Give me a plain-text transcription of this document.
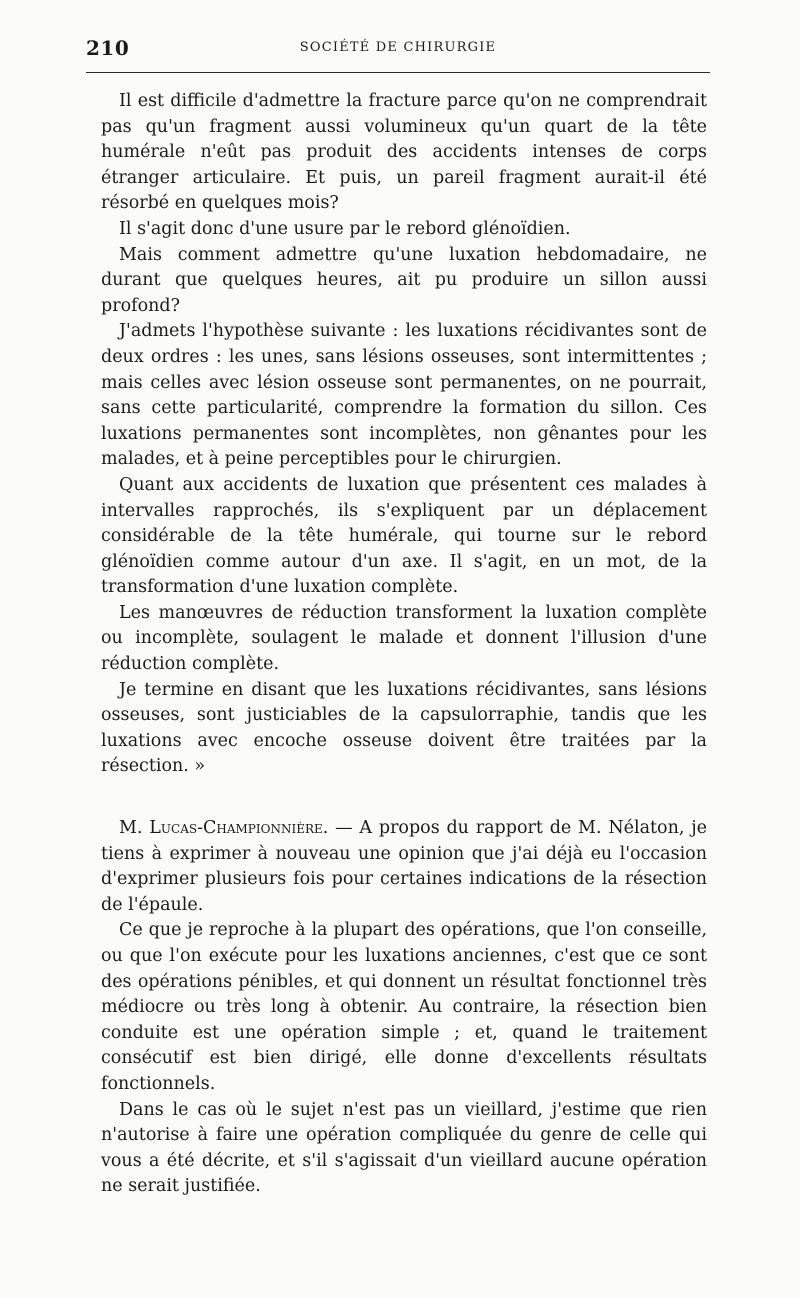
210	SOCIÉTÉ DE CHIRURGIE

Il est difficile d'admettre la fracture parce qu'on ne comprendrait pas qu'un fragment aussi volumineux qu'un quart de la tête humérale n'eût pas produit des accidents intenses de corps étranger articulaire. Et puis, un pareil fragment aurait-il été résorbé en quelques mois?

Il s'agit donc d'une usure par le rebord glénoïdien.

Mais comment admettre qu'une luxation hebdomadaire, ne durant que quelques heures, ait pu produire un sillon aussi profond?

J'admets l'hypothèse suivante : les luxations récidivantes sont de deux ordres : les unes, sans lésions osseuses, sont intermittentes ; mais celles avec lésion osseuse sont permanentes, on ne pourrait, sans cette particularité, comprendre la formation du sillon. Ces luxations permanentes sont incomplètes, non gênantes pour les malades, et à peine perceptibles pour le chirurgien.

Quant aux accidents de luxation que présentent ces malades à intervalles rapprochés, ils s'expliquent par un déplacement considérable de la tête humérale, qui tourne sur le rebord glénoïdien comme autour d'un axe. Il s'agit, en un mot, de la transformation d'une luxation complète.

Les manœuvres de réduction transforment la luxation complète ou incomplète, soulagent le malade et donnent l'illusion d'une réduction complète.

Je termine en disant que les luxations récidivantes, sans lésions osseuses, sont justiciables de la capsulorraphie, tandis que les luxations avec encoche osseuse doivent être traitées par la résection. »

M. Lucas-Championnière. — A propos du rapport de M. Nélaton, je tiens à exprimer à nouveau une opinion que j'ai déjà eu l'occasion d'exprimer plusieurs fois pour certaines indications de la résection de l'épaule.

Ce que je reproche à la plupart des opérations, que l'on conseille, ou que l'on exécute pour les luxations anciennes, c'est que ce sont des opérations pénibles, et qui donnent un résultat fonctionnel très médiocre ou très long à obtenir. Au contraire, la résection bien conduite est une opération simple ; et, quand le traitement consécutif est bien dirigé, elle donne d'excellents résultats fonctionnels.

Dans le cas où le sujet n'est pas un vieillard, j'estime que rien n'autorise à faire une opération compliquée du genre de celle qui vous a été décrite, et s'il s'agissait d'un vieillard aucune opération ne serait justifiée.
